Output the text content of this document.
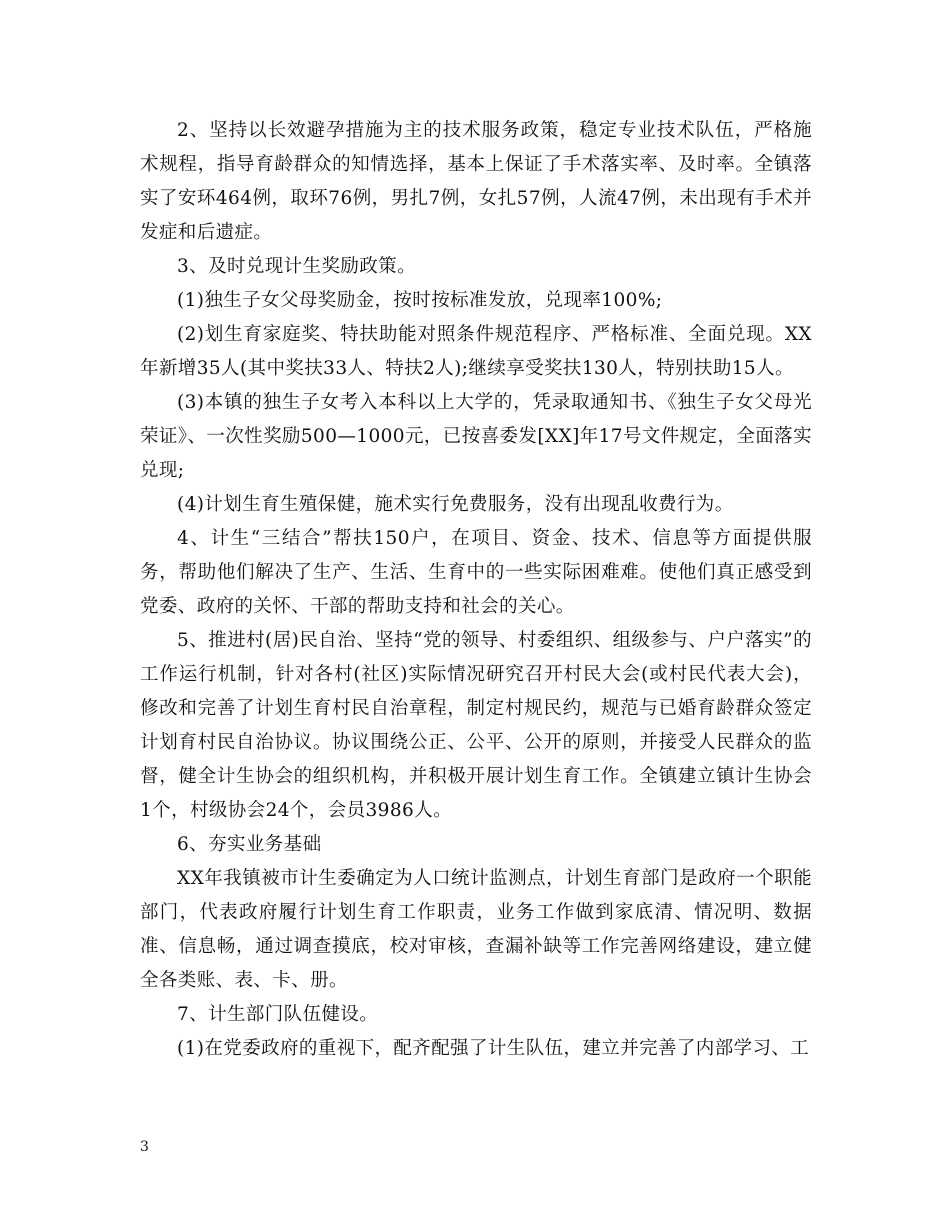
2、坚持以长效避孕措施为主的技术服务政策，稳定专业技术队伍，严格施术规程，指导育龄群众的知情选择，基本上保证了手术落实率、及时率。全镇落实了安环464例，取环76例，男扎7例，女扎57例，人流47例，未出现有手术并发症和后遗症。

3、及时兑现计生奖励政策。

(1)独生子女父母奖励金，按时按标准发放，兑现率100%;

(2)划生育家庭奖、特扶助能对照条件规范程序、严格标准、全面兑现。XX年新增35人(其中奖扶33人、特扶2人);继续享受奖扶130人，特别扶助15人。

(3)本镇的独生子女考入本科以上大学的，凭录取通知书、《独生子女父母光荣证》、一次性奖励500—1000元，已按喜委发[XX]年17号文件规定，全面落实兑现;

(4)计划生育生殖保健，施术实行免费服务，没有出现乱收费行为。

4、计生“三结合”帮扶150户，在项目、资金、技术、信息等方面提供服务，帮助他们解决了生产、生活、生育中的一些实际困难难。使他们真正感受到党委、政府的关怀、干部的帮助支持和社会的关心。

5、推进村(居)民自治、坚持“党的领导、村委组织、组级参与、户户落实”的工作运行机制，针对各村(社区)实际情况研究召开村民大会(或村民代表大会)，修改和完善了计划生育村民自治章程，制定村规民约，规范与已婚育龄群众签定计划育村民自治协议。协议围绕公正、公平、公开的原则，并接受人民群众的监督，健全计生协会的组织机构，并积极开展计划生育工作。全镇建立镇计生协会1个，村级协会24个，会员3986人。

6、夯实业务基础

XX年我镇被市计生委确定为人口统计监测点，计划生育部门是政府一个职能部门，代表政府履行计划生育工作职责，业务工作做到家底清、情况明、数据准、信息畅，通过调查摸底，校对审核，查漏补缺等工作完善网络建设，建立健全各类账、表、卡、册。

7、计生部门队伍健设。

(1)在党委政府的重视下，配齐配强了计生队伍，建立并完善了内部学习、工

3
